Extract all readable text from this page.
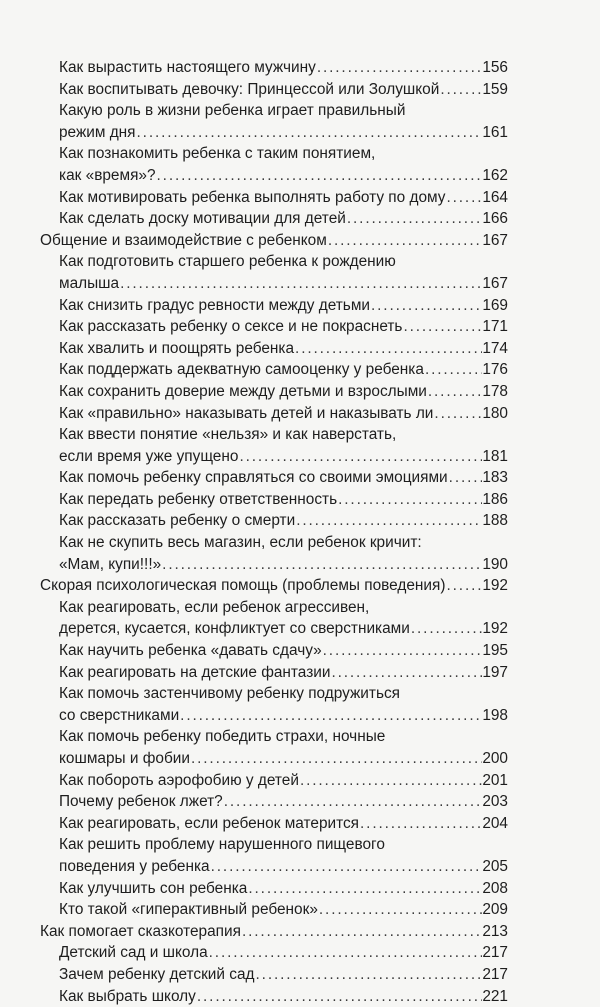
Как вырастить настоящего мужчину . . .	156
Как воспитывать девочку: Принцессой или Золушкой . . .	159
Какую роль в жизни ребенка играет правильный
режим дня . . .	161
Как познакомить ребенка с таким понятием,
как «время»? . . .	162
Как мотивировать ребенка выполнять работу по дому . . . 164
Как сделать доску мотивации для детей . . .	166
Общение и взаимодействие с ребенком . . .	167
Как подготовить старшего ребенка к рождению
малыша . . .	167
Как снизить градус ревности между детьми . . .	169
Как рассказать ребенку о сексе и не покраснеть . . .	171
Как хвалить и поощрять ребенка . . .	174
Как поддержать адекватную самооценку у ребенка . . .	176
Как сохранить доверие между детьми и взрослыми . . .	178
Как «правильно» наказывать детей и наказывать ли . . .	180
Как ввести понятие «нельзя» и как наверстать,
если время уже упущено . . .	181
Как помочь ребенку справляться со своими эмоциями . . . 183
Как передать ребенку ответственность . . .	186
Как рассказать ребенку о смерти . . .	188
Как не скупить весь магазин, если ребенок кричит:
«Мам, купи!!!» . . .	190
Скорая психологическая помощь (проблемы поведения) . . . 192
Как реагировать, если ребенок агрессивен,
дерется, кусается, конфликтует со сверстниками . . .	192
Как научить ребенка «давать сдачу» . . .	195
Как реагировать на детские фантазии . . .	197
Как помочь застенчивому ребенку подружиться
со сверстниками . . .	198
Как помочь ребенку победить страхи, ночные
кошмары и фобии . . .	200
Как побороть аэрофобию у детей . . .	201
Почему ребенок лжет? . . .	203
Как реагировать, если ребенок матерится . . .	204
Как решить проблему нарушенного пищевого
поведения у ребенка . . .	205
Как улучшить сон ребенка . . .	208
Кто такой «гиперактивный ребенок» . . .	209
Как помогает сказкотерапия . . .	213
Детский сад и школа . . .	217
Зачем ребенку детский сад . . .	217
Как выбрать школу . . .	221
